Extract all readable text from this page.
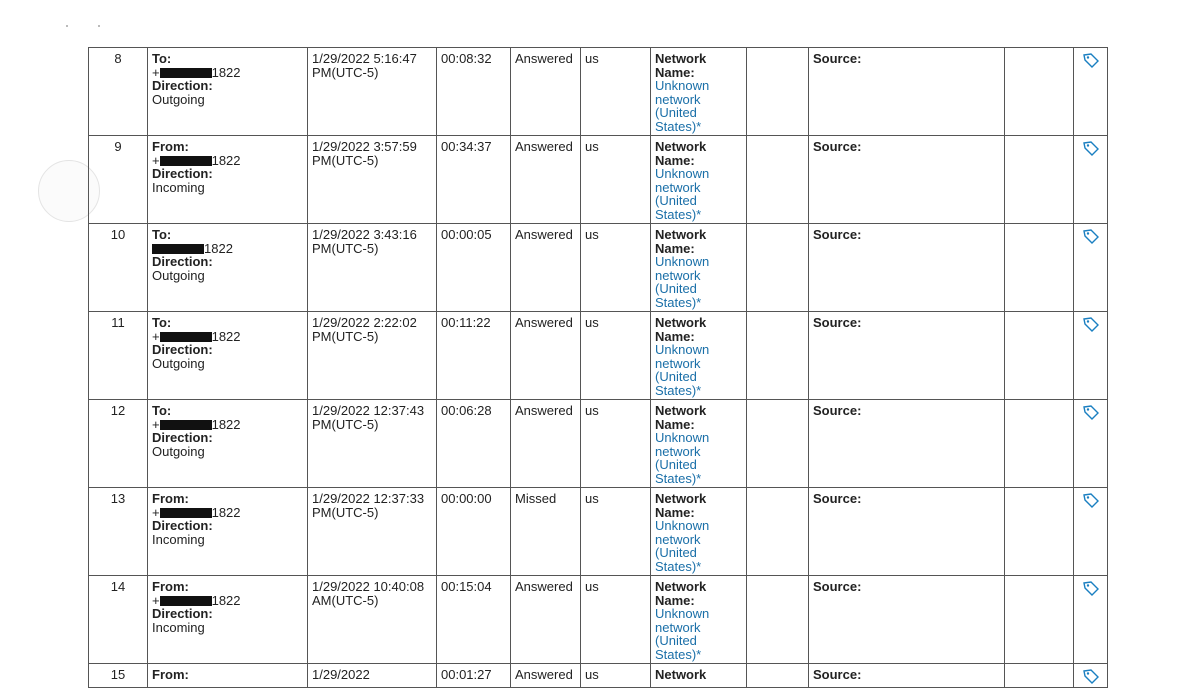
8	To:
+ 1822
Direction:
Outgoing	1/29/2022 5:16:47 PM(UTC-5)	00:08:32	Answered	us	Network Name:
Unknown network (United States)*		Source:

9	From:
+ 1822
Direction:
Incoming	1/29/2022 3:57:59 PM(UTC-5)	00:34:37	Answered	us	Network Name:
Unknown network (United States)*		Source:

10	To:
1822
Direction:
Outgoing	1/29/2022 3:43:16 PM(UTC-5)	00:00:05	Answered	us	Network Name:
Unknown network (United States)*		Source:

11	To:
+ 1822
Direction:
Outgoing	1/29/2022 2:22:02 PM(UTC-5)	00:11:22	Answered	us	Network Name:
Unknown network (United States)*		Source:

12	To:
+ 1822
Direction:
Outgoing	1/29/2022 12:37:43 PM(UTC-5)	00:06:28	Answered	us	Network Name:
Unknown network (United States)*		Source:

13	From:
+ 1822
Direction:
Incoming	1/29/2022 12:37:33 PM(UTC-5)	00:00:00	Missed	us	Network Name:
Unknown network (United States)*		Source:

14	From:
+ 1822
Direction:
Incoming	1/29/2022 10:40:08 AM(UTC-5)	00:15:04	Answered	us	Network Name:
Unknown network (United States)*		Source:

15	From:	1/29/2022	00:01:27	Answered	us	Network		Source:
